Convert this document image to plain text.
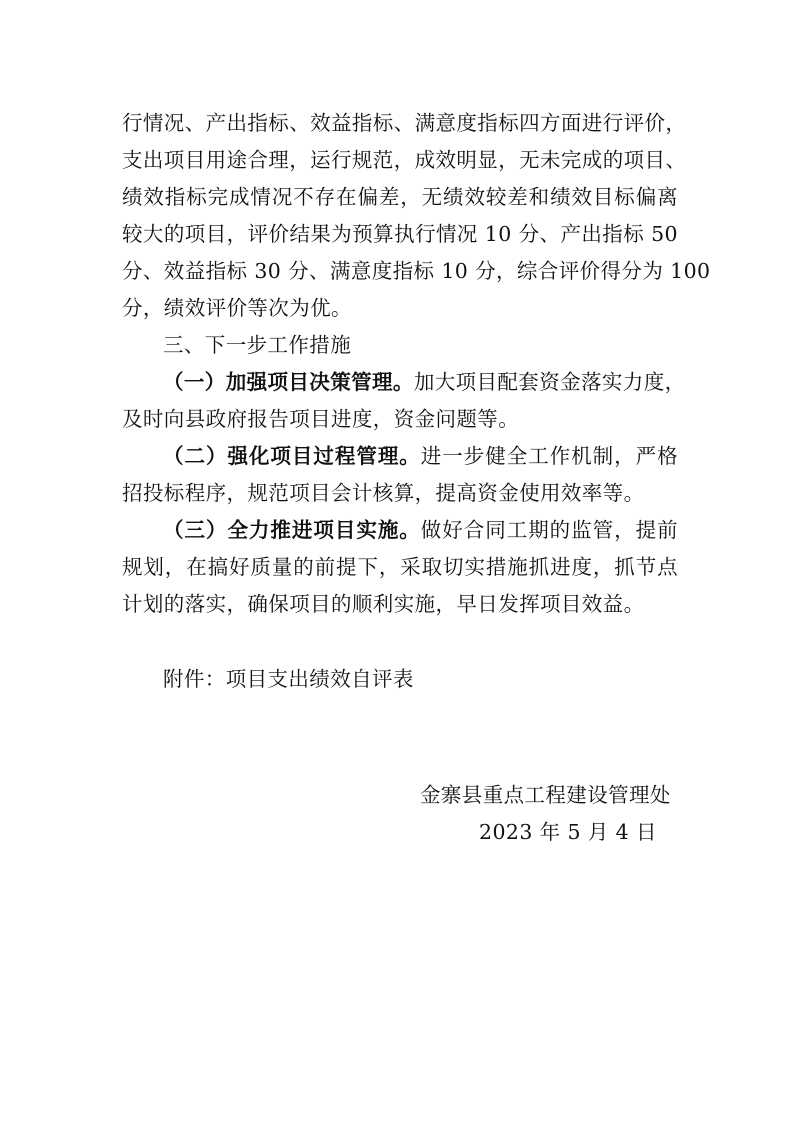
行情况、产出指标、效益指标、满意度指标四方面进行评价，
支出项目用途合理，运行规范，成效明显，无未完成的项目、
绩效指标完成情况不存在偏差，无绩效较差和绩效目标偏离
较大的项目，评价结果为预算执行情况 10 分、产出指标 50
分、效益指标 30 分、满意度指标 10 分，综合评价得分为 100
分，绩效评价等次为优。
三、下一步工作措施
（一）加强项目决策管理。加大项目配套资金落实力度，
及时向县政府报告项目进度，资金问题等。
（二）强化项目过程管理。进一步健全工作机制，严格
招投标程序，规范项目会计核算，提高资金使用效率等。
（三）全力推进项目实施。做好合同工期的监管，提前
规划，在搞好质量的前提下，采取切实措施抓进度，抓节点
计划的落实，确保项目的顺利实施，早日发挥项目效益。
附件：项目支出绩效自评表
金寨县重点工程建设管理处
2023 年 5 月 4 日
